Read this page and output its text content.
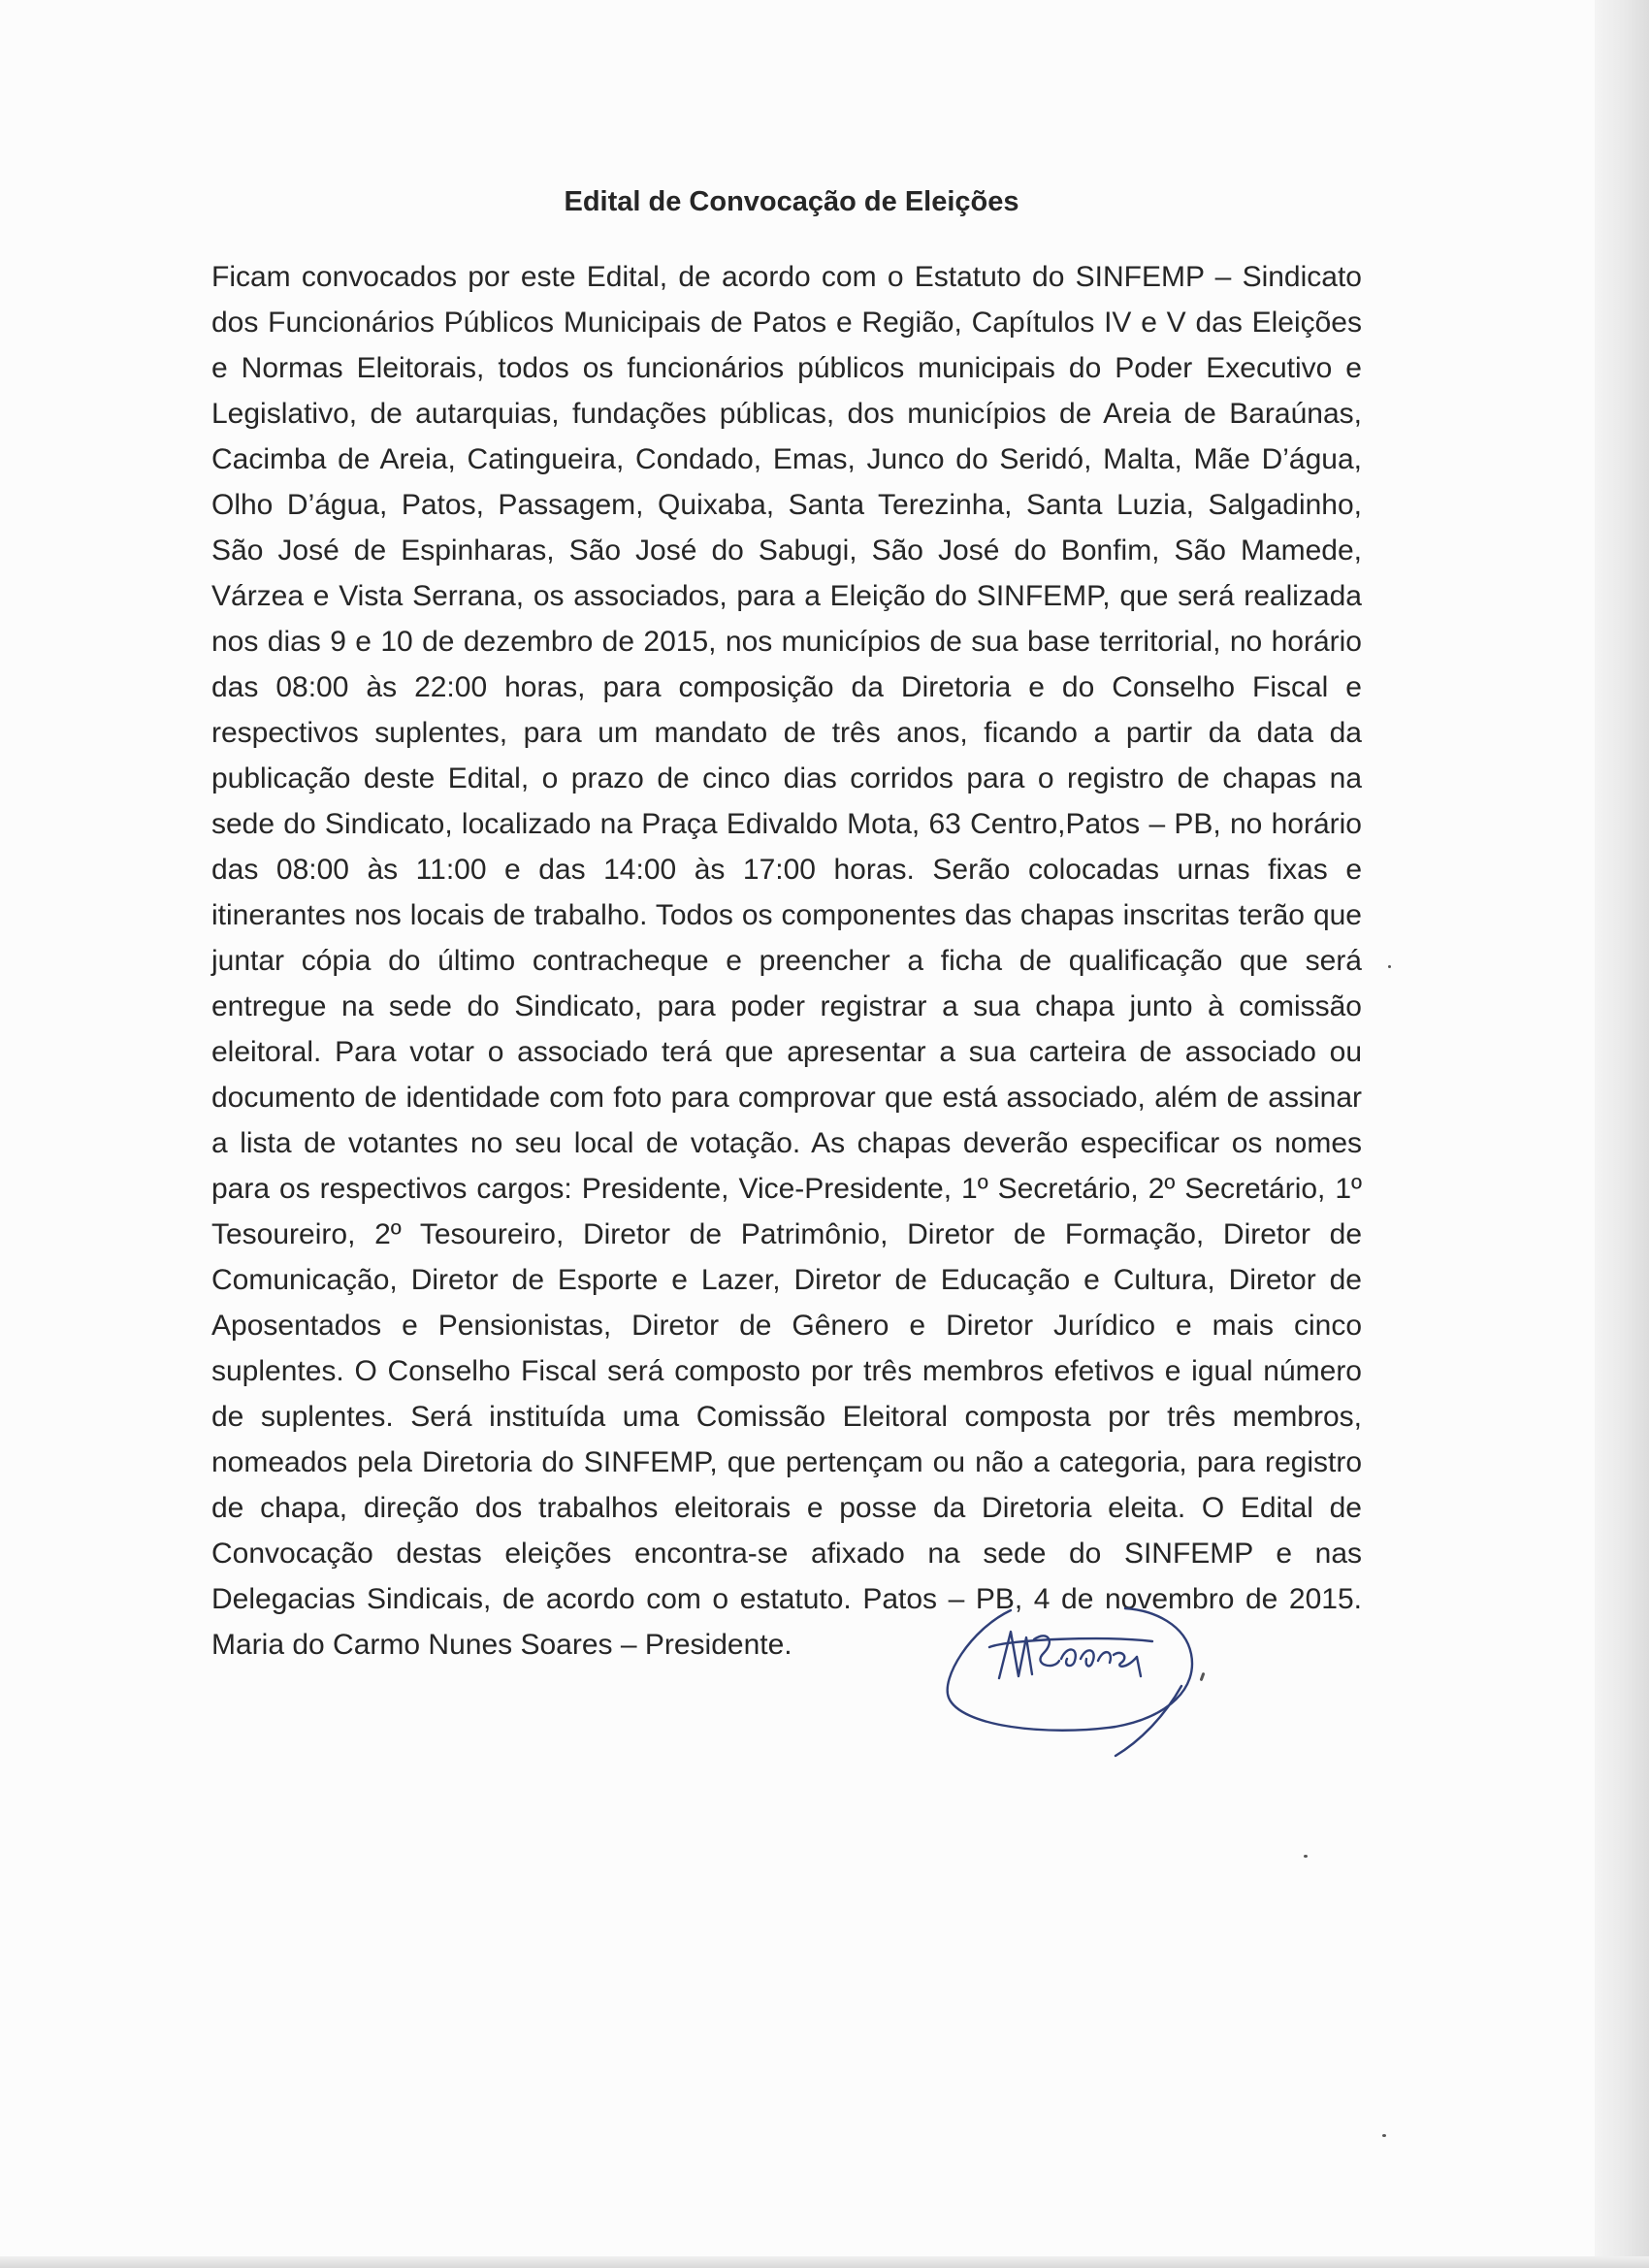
Edital de Convocação de Eleições

Ficam convocados por este Edital, de acordo com o Estatuto do SINFEMP – Sindicato dos Funcionários Públicos Municipais de Patos e Região, Capítulos IV e V das Eleições e Normas Eleitorais, todos os funcionários públicos municipais do Poder Executivo e Legislativo, de autarquias, fundações públicas, dos municípios de Areia de Baraúnas, Cacimba de Areia, Catingueira, Condado, Emas, Junco do Seridó, Malta, Mãe D’água, Olho D’água, Patos, Passagem, Quixaba, Santa Terezinha, Santa Luzia, Salgadinho, São José de Espinharas, São José do Sabugi, São José do Bonfim, São Mamede, Várzea e Vista Serrana, os associados, para a Eleição do SINFEMP, que será realizada nos dias 9 e 10 de dezembro de 2015, nos municípios de sua base territorial, no horário das 08:00 às 22:00 horas, para composição da Diretoria e do Conselho Fiscal e respectivos suplentes, para um mandato de três anos, ficando a partir da data da publicação deste Edital, o prazo de cinco dias corridos para o registro de chapas na sede do Sindicato, localizado na Praça Edivaldo Mota, 63 Centro,Patos – PB, no horário das 08:00 às 11:00 e das 14:00 às 17:00 horas. Serão colocadas urnas fixas e itinerantes nos locais de trabalho. Todos os componentes das chapas inscritas terão que juntar cópia do último contracheque e preencher a ficha de qualificação que será entregue na sede do Sindicato, para poder registrar a sua chapa junto à comissão eleitoral. Para votar o associado terá que apresentar a sua carteira de associado ou documento de identidade com foto para comprovar que está associado, além de assinar a lista de votantes no seu local de votação. As chapas deverão especificar os nomes para os respectivos cargos: Presidente, Vice-Presidente, 1º Secretário, 2º Secretário, 1º Tesoureiro, 2º Tesoureiro, Diretor de Patrimônio, Diretor de Formação, Diretor de Comunicação, Diretor de Esporte e Lazer, Diretor de Educação e Cultura, Diretor de Aposentados e Pensionistas, Diretor de Gênero e Diretor Jurídico e mais cinco suplentes. O Conselho Fiscal será composto por três membros efetivos e igual número de suplentes. Será instituída uma Comissão Eleitoral composta por três membros, nomeados pela Diretoria do SINFEMP, que pertençam ou não a categoria, para registro de chapa, direção dos trabalhos eleitorais e posse da Diretoria eleita. O Edital de Convocação destas eleições encontra-se afixado na sede do SINFEMP e nas Delegacias Sindicais, de acordo com o estatuto. Patos – PB, 4 de novembro de 2015. Maria do Carmo Nunes Soares – Presidente.
